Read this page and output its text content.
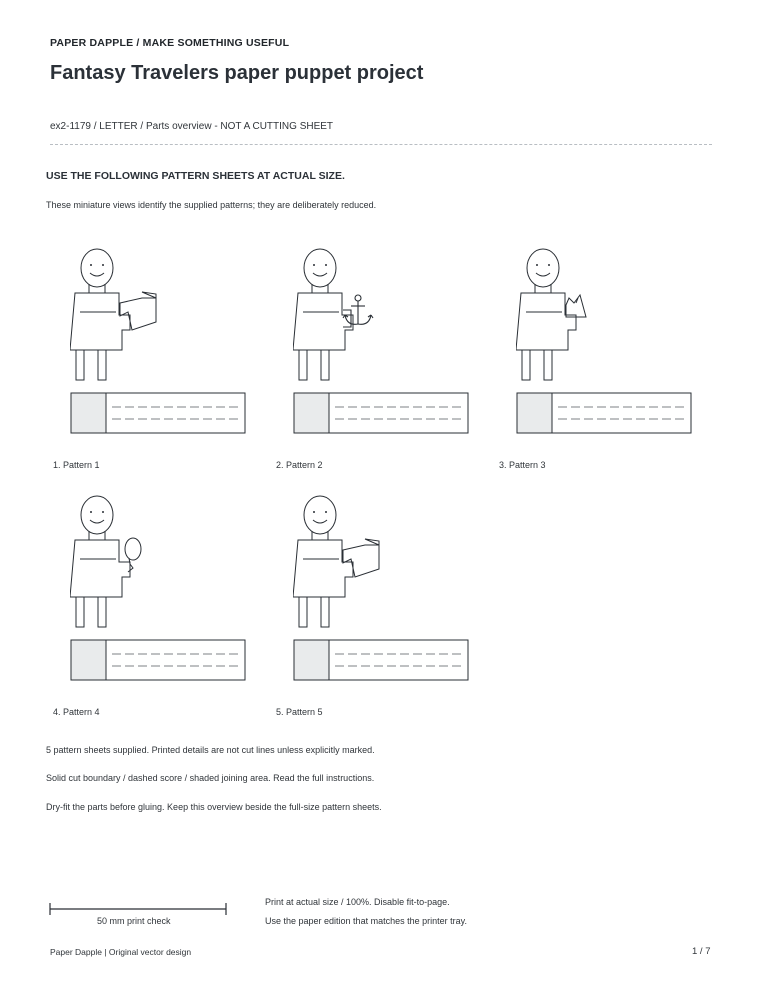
PAPER DAPPLE / MAKE SOMETHING USEFUL
Fantasy Travelers paper puppet project
ex2-1179 / LETTER / Parts overview - NOT A CUTTING SHEET
USE THE FOLLOWING PATTERN SHEETS AT ACTUAL SIZE.
These miniature views identify the supplied patterns; they are deliberately reduced.
1. Pattern 1	2. Pattern 2	3. Pattern 3
4. Pattern 4	5. Pattern 5
5 pattern sheets supplied. Printed details are not cut lines unless explicitly marked.
Solid cut boundary / dashed score / shaded joining area. Read the full instructions.
Dry-fit the parts before gluing. Keep this overview beside the full-size pattern sheets.
50 mm print check
Print at actual size / 100%. Disable fit-to-page.
Use the paper edition that matches the printer tray.
Paper Dapple | Original vector design	1 / 7
